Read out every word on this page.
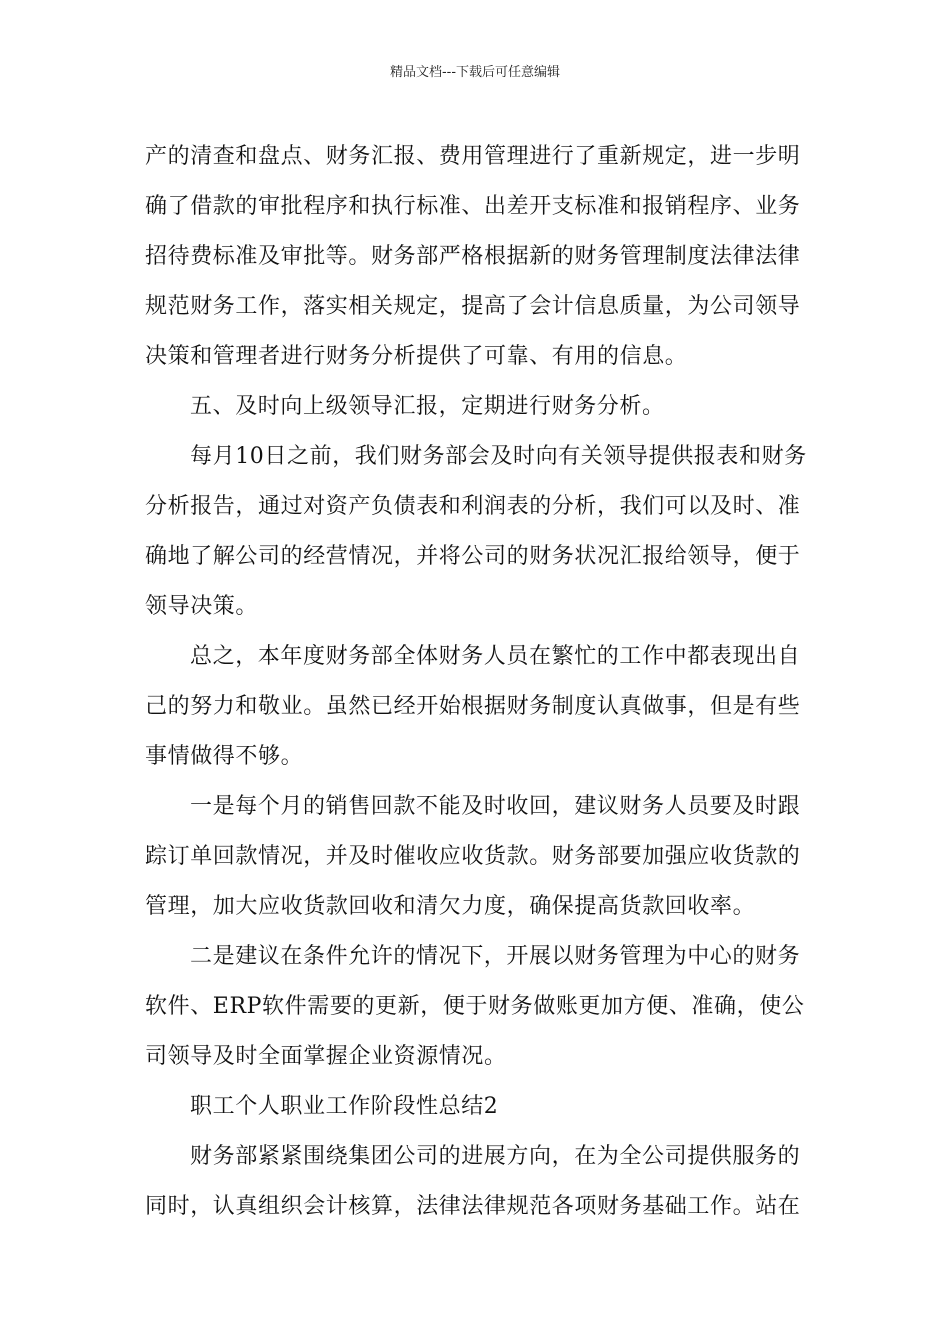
精品文档---下载后可任意编辑
产的清查和盘点、财务汇报、费用管理进行了重新规定，进一步明
确了借款的审批程序和执行标准、出差开支标准和报销程序、业务
招待费标准及审批等。财务部严格根据新的财务管理制度法律法律
规范财务工作，落实相关规定，提高了会计信息质量，为公司领导
决策和管理者进行财务分析提供了可靠、有用的信息。
五、及时向上级领导汇报，定期进行财务分析。
每月10日之前，我们财务部会及时向有关领导提供报表和财务
分析报告，通过对资产负债表和利润表的分析，我们可以及时、准
确地了解公司的经营情况，并将公司的财务状况汇报给领导，便于
领导决策。
总之，本年度财务部全体财务人员在繁忙的工作中都表现出自
己的努力和敬业。虽然已经开始根据财务制度认真做事，但是有些
事情做得不够。
一是每个月的销售回款不能及时收回，建议财务人员要及时跟
踪订单回款情况，并及时催收应收货款。财务部要加强应收货款的
管理，加大应收货款回收和清欠力度，确保提高货款回收率。
二是建议在条件允许的情况下，开展以财务管理为中心的财务
软件、ERP软件需要的更新，便于财务做账更加方便、准确，使公
司领导及时全面掌握企业资源情况。
职工个人职业工作阶段性总结2
财务部紧紧围绕集团公司的进展方向，在为全公司提供服务的
同时，认真组织会计核算，法律法律规范各项财务基础工作。站在
